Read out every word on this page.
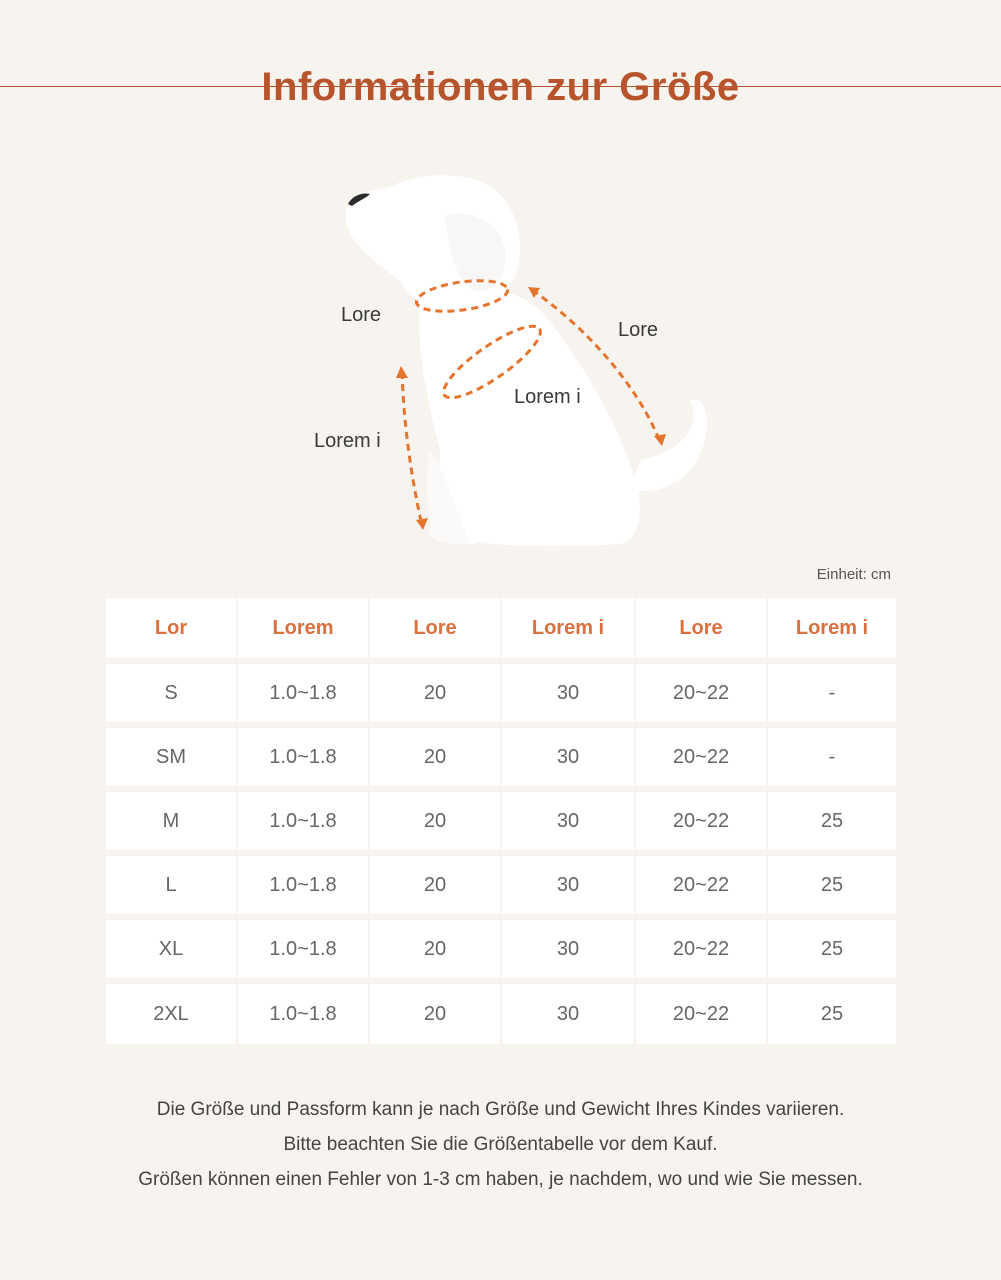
Informationen zur Größe
Lore
Lore
Lorem i
Lorem i
Einheit: cm
Lor	Lorem	Lore	Lorem i	Lore	Lorem i
S	1.0~1.8	20	30	20~22	-
SM	1.0~1.8	20	30	20~22	-
M	1.0~1.8	20	30	20~22	25
L	1.0~1.8	20	30	20~22	25
XL	1.0~1.8	20	30	20~22	25
2XL	1.0~1.8	20	30	20~22	25
Die Größe und Passform kann je nach Größe und Gewicht Ihres Kindes variieren.
Bitte beachten Sie die Größentabelle vor dem Kauf.
Größen können einen Fehler von 1-3 cm haben, je nachdem, wo und wie Sie messen.
